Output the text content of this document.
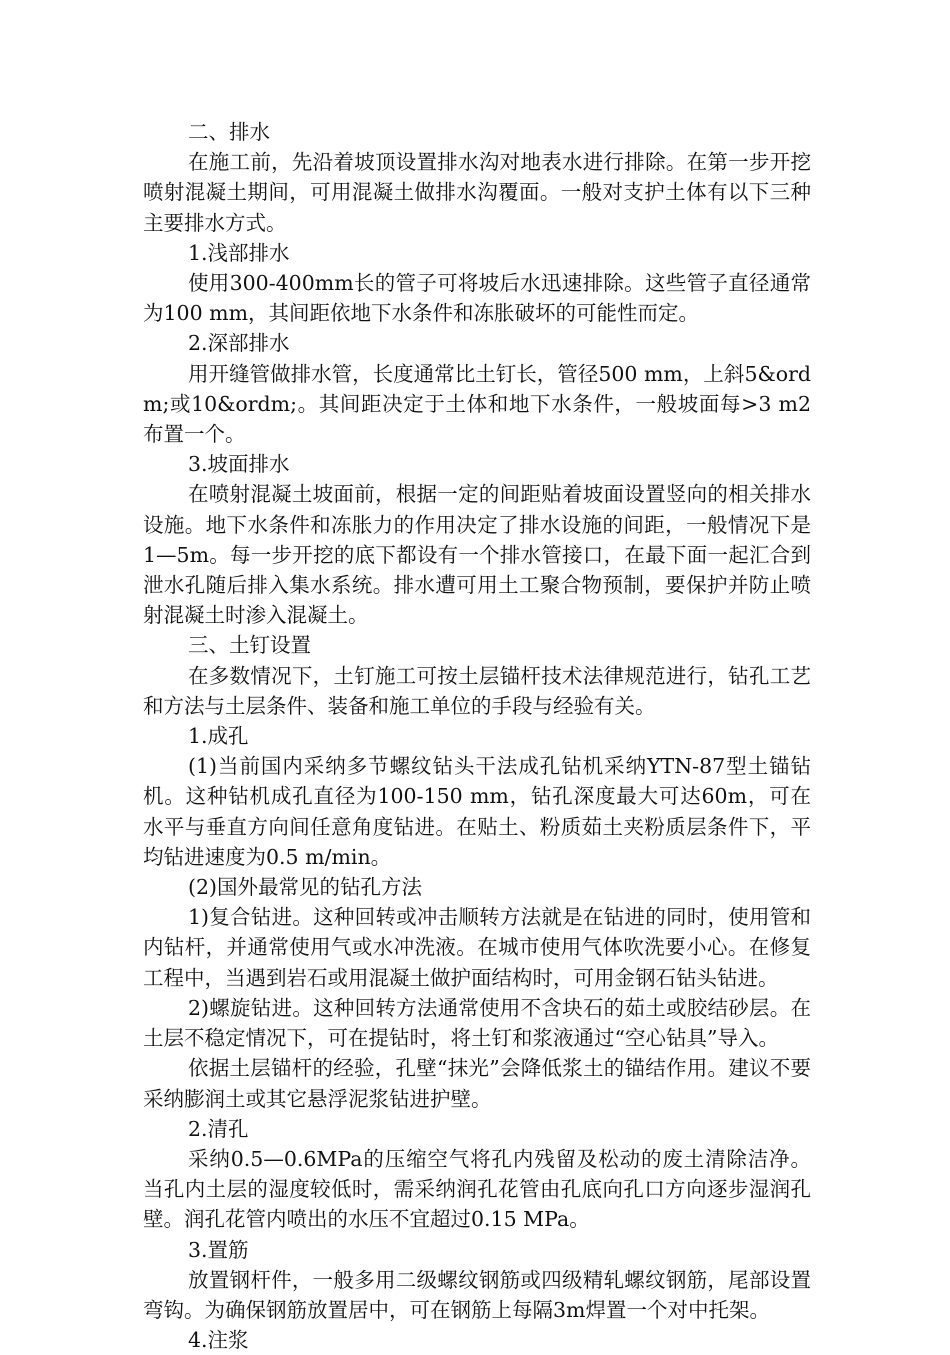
二、排水

在施工前，先沿着坡顶设置排水沟对地表水进行排除。在第一步开挖喷射混凝土期间，可用混凝土做排水沟覆面。一般对支护土体有以下三种主要排水方式。

1.浅部排水

使用300-400mm长的管子可将坡后水迅速排除。这些管子直径通常为100 mm，其间距依地下水条件和冻胀破坏的可能性而定。

2.深部排水

用开缝管做排水管，长度通常比土钉长，管径500 mm，上斜5&ordm;或10&ordm;。其间距决定于土体和地下水条件，一般坡面每>3 m2布置一个。

3.坡面排水

在喷射混凝土坡面前，根据一定的间距贴着坡面设置竖向的相关排水设施。地下水条件和冻胀力的作用决定了排水设施的间距，一般情况下是1—5m。每一步开挖的底下都设有一个排水管接口，在最下面一起汇合到泄水孔随后排入集水系统。排水遭可用土工聚合物预制，要保护并防止喷射混凝土时渗入混凝土。

三、土钉设置

在多数情况下，土钉施工可按土层锚杆技术法律规范进行，钻孔工艺和方法与土层条件、装备和施工单位的手段与经验有关。

1.成孔

(1)当前国内采纳多节螺纹钻头干法成孔钻机采纳YTN-87型土锚钻机。这种钻机成孔直径为100-150 mm，钻孔深度最大可达60m，可在水平与垂直方向间任意角度钻进。在贴土、粉质茹土夹粉质层条件下，平均钻进速度为0.5 m/min。

(2)国外最常见的钻孔方法

1)复合钻进。这种回转或冲击顺转方法就是在钻进的同时，使用管和内钻杆，并通常使用气或水冲洗液。在城市使用气体吹洗要小心。在修复工程中，当遇到岩石或用混凝土做护面结构时，可用金钢石钻头钻进。

2)螺旋钻进。这种回转方法通常使用不含块石的茹土或胶结砂层。在土层不稳定情况下，可在提钻时，将土钉和浆液通过“空心钻具”导入。

依据土层锚杆的经验，孔壁“抹光”会降低浆土的锚结作用。建议不要采纳膨润土或其它悬浮泥浆钻进护壁。

2.清孔

采纳0.5—0.6MPa的压缩空气将孔内残留及松动的废土清除洁净。当孔内土层的湿度较低时，需采纳润孔花管由孔底向孔口方向逐步湿润孔壁。润孔花管内喷出的水压不宜超过0.15 MPa。

3.置筋

放置钢杆件，一般多用二级螺纹钢筋或四级精轧螺纹钢筋，尾部设置弯钩。为确保钢筋放置居中，可在钢筋上每隔3m焊置一个对中托架。

4.注浆
